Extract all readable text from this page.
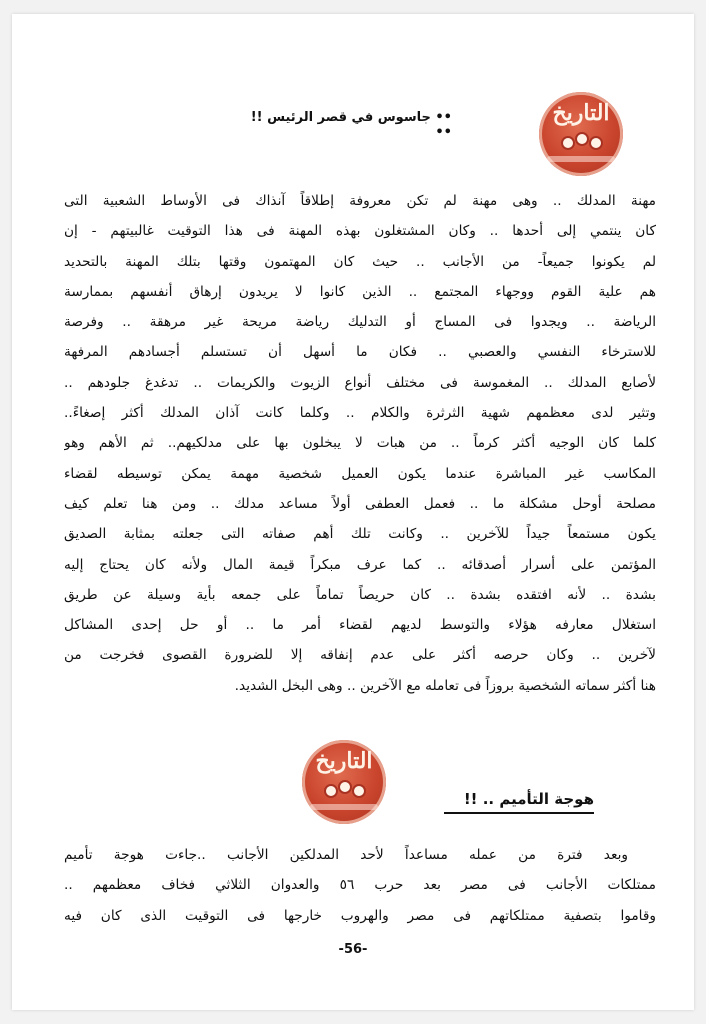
التاريخ
•• جاسوس في قصر الرئيس !! ••
مهنة المدلك .. وهى مهنة لم تكن معروفة إطلاقاً آنذاك فى الأوساط الشعبية التى
كان ينتمي إلى أحدها .. وكان المشتغلون بهذه المهنة فى هذا التوقيت غالبيتهم - إن
لم يكونوا جميعاً- من الأجانب .. حيث كان المهتمون وقتها بتلك المهنة بالتحديد
هم علية القوم ووجهاء المجتمع .. الذين كانوا لا يريدون إرهاق أنفسهم بممارسة
الرياضة .. ويجدوا فى المساج أو التدليك رياضة مريحة غير مرهقة .. وفرصة
للاسترخاء النفسي والعصبي .. فكان ما أسهل أن تستسلم أجسادهم المرفهة
لأصابع المدلك .. المغموسة فى مختلف أنواع الزيوت والكريمات .. تدغدغ جلودهم ..
وتثير لدى معظمهم شهية الثرثرة والكلام .. وكلما كانت آذان المدلك أكثر إصغاءً..
كلما كان الوجيه أكثر كرماً .. من هبات لا يبخلون بها على مدلكيهم.. ثم الأهم وهو
المكاسب غير المباشرة عندما يكون العميل شخصية مهمة يمكن توسيطه لقضاء
مصلحة أوحل مشكلة ما .. فعمل العطفى أولاً مساعد مدلك .. ومن هنا تعلم كيف
يكون مستمعاً جيداً للآخرين .. وكانت تلك أهم صفاته التى جعلته بمثابة الصديق
المؤتمن على أسرار أصدقائه .. كما عرف مبكراً قيمة المال ولأنه كان يحتاج إليه
بشدة .. لأنه افتقده بشدة .. كان حريصاً تماماً على جمعه بأية وسيلة عن طريق
استغلال معارفه هؤلاء والتوسط لديهم لقضاء أمر ما .. أو حل إحدى المشاكل
لآخرين .. وكان حرصه أكثر على عدم إنفاقه إلا للضرورة القصوى فخرجت من
هنا أكثر سماته الشخصية بروزاً فى تعامله مع الآخرين .. وهى البخل الشديد.
التاريخ
هوجة التأميم .. !!
وبعد فترة من عمله مساعداً لأحد المدلكين الأجانب ..جاءت هوجة تأميم
ممتلكات الأجانب فى مصر بعد حرب ٥٦ والعدوان الثلاثي فخاف معظمهم ..
وقاموا بتصفية ممتلكاتهم فى مصر والهروب خارجها فى التوقيت الذى كان فيه
-56-
